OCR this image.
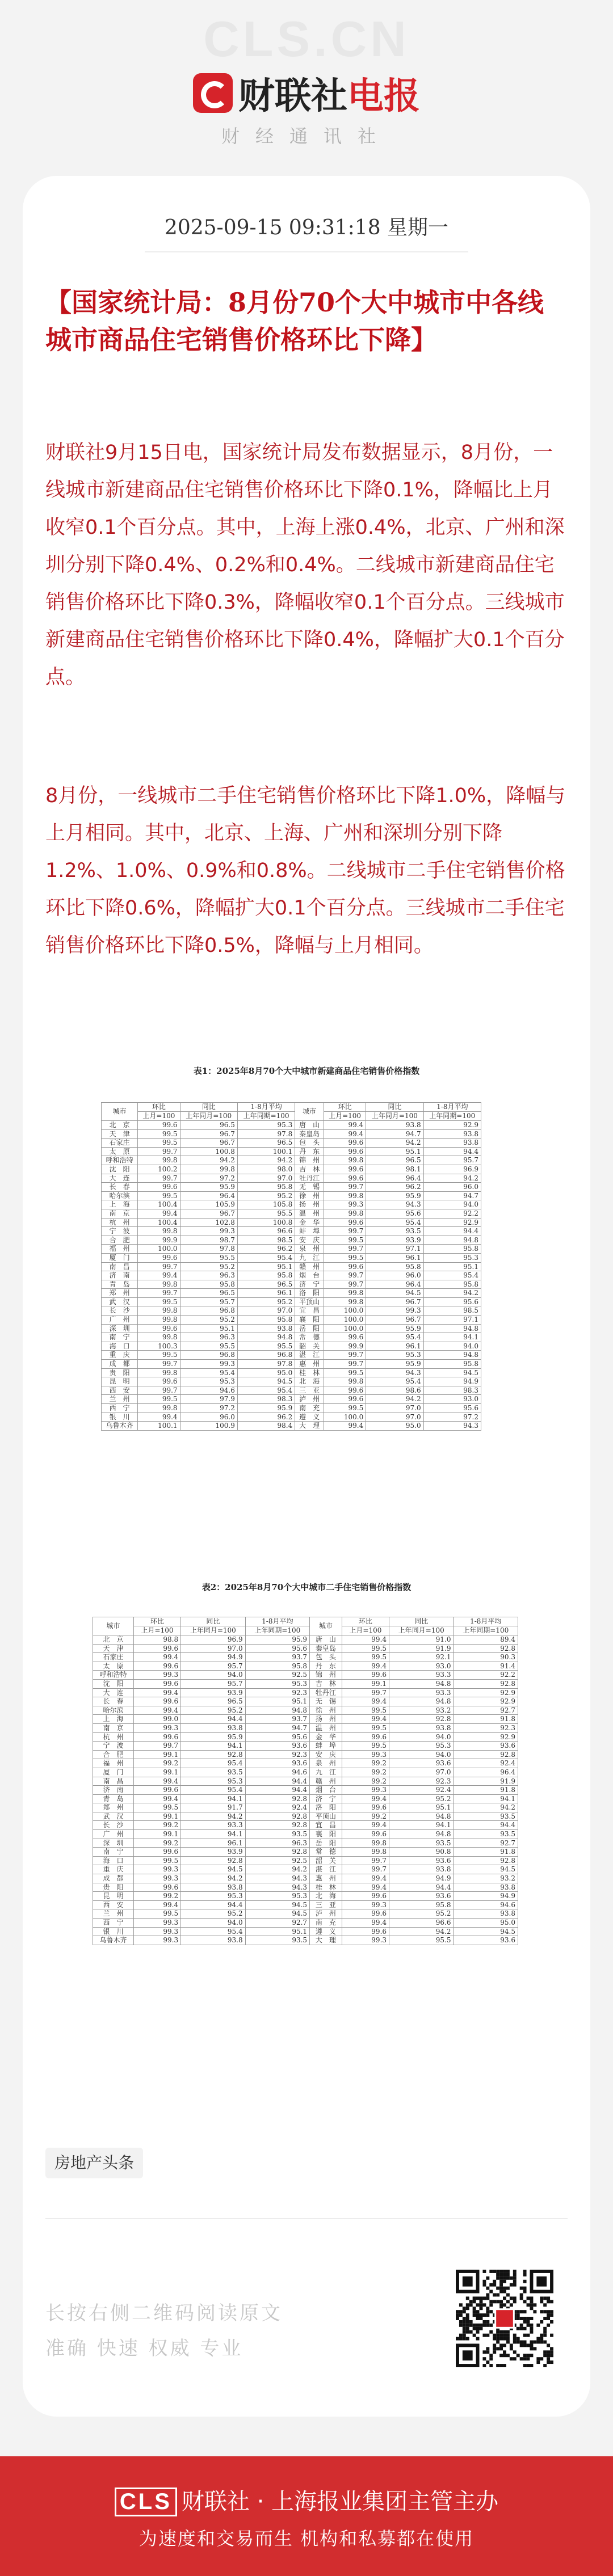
CLS.CN
财联社电报
财经通讯社
2025-09-15 09:31:18 星期一
【国家统计局：8月份70个大中城市中各线城市商品住宅销售价格环比下降】
财联社9月15日电，国家统计局发布数据显示，8月份，一线城市新建商品住宅销售价格环比下降0.1%，降幅比上月收窄0.1个百分点。其中，上海上涨0.4%，北京、广州和深圳分别下降0.4%、0.2%和0.4%。二线城市新建商品住宅销售价格环比下降0.3%，降幅收窄0.1个百分点。三线城市新建商品住宅销售价格环比下降0.4%，降幅扩大0.1个百分点。
8月份，一线城市二手住宅销售价格环比下降1.0%，降幅与上月相同。其中，北京、上海、广州和深圳分别下降1.2%、1.0%、0.9%和0.8%。二线城市二手住宅销售价格环比下降0.6%，降幅扩大0.1个百分点。三线城市二手住宅销售价格环比下降0.5%，降幅与上月相同。
表1：2025年8月70个大中城市新建商品住宅销售价格指数
城市	环比	同比	1-8月平均	城市	环比	同比	1-8月平均
	上月=100	上年同月=100	上年同期=100		上月=100	上年同月=100	上年同期=100
北　京	99.6	96.5	95.3	唐　山	99.4	93.8	92.9
天　津	99.5	96.7	97.8	秦皇岛	99.4	94.7	93.8
石家庄	99.5	96.7	96.5	包　头	99.6	94.2	93.8
太　原	99.7	100.8	100.1	丹　东	99.6	95.1	94.4
呼和浩特	99.8	94.2	94.2	锦　州	99.8	96.5	95.7
沈　阳	100.2	99.8	98.0	吉　林	99.6	98.1	96.9
大　连	99.7	97.2	97.0	牡丹江	99.6	96.4	94.2
长　春	99.6	95.9	95.8	无　锡	99.7	96.2	96.0
哈尔滨	99.5	96.4	95.2	徐　州	99.8	95.9	94.7
上　海	100.4	105.9	105.8	扬　州	99.3	94.3	94.0
南　京	99.4	96.7	95.5	温　州	99.8	95.6	92.2
杭　州	100.4	102.8	100.8	金　华	99.6	95.4	92.9
宁　波	99.8	99.3	96.6	蚌　埠	99.7	93.5	94.4
合　肥	99.9	98.7	98.5	安　庆	99.5	93.9	94.8
福　州	100.0	97.8	96.2	泉　州	99.7	97.1	95.8
厦　门	99.6	95.5	95.4	九　江	99.5	96.1	95.3
南　昌	99.7	95.2	95.1	赣　州	99.6	95.8	95.1
济　南	99.4	96.3	95.8	烟　台	99.7	96.0	95.4
青　岛	99.8	95.8	96.5	济　宁	99.7	96.4	95.8
郑　州	99.7	96.5	96.1	洛　阳	99.8	94.5	94.2
武　汉	99.5	95.7	95.2	平顶山	99.8	96.7	95.6
长　沙	99.8	96.8	97.0	宜　昌	100.0	99.3	98.5
广　州	99.8	95.2	95.8	襄　阳	100.0	96.7	97.1
深　圳	99.6	95.1	93.8	岳　阳	100.0	95.9	94.8
南　宁	99.8	96.3	94.8	常　德	99.6	95.4	94.1
海　口	100.3	95.5	95.5	韶　关	99.9	96.1	94.0
重　庆	99.5	96.8	96.8	湛　江	99.7	95.3	94.8
成　都	99.7	99.3	97.8	惠　州	99.7	95.9	95.8
贵　阳	99.8	95.4	95.0	桂　林	99.5	94.3	94.5
昆　明	99.6	95.3	94.5	北　海	99.8	95.4	94.9
西　安	99.7	94.6	95.4	三　亚	99.6	98.6	98.3
兰　州	99.5	97.9	98.3	泸　州	99.6	94.2	93.0
西　宁	99.8	97.2	95.9	南　充	99.5	97.0	95.6
银　川	99.4	96.0	96.2	遵　义	100.0	97.0	97.2
乌鲁木齐	100.1	100.9	98.4	大　理	99.4	95.0	94.3
表2：2025年8月70个大中城市二手住宅销售价格指数
城市	环比	同比	1-8月平均	城市	环比	同比	1-8月平均
	上月=100	上年同月=100	上年同期=100		上月=100	上年同月=100	上年同期=100
北　京	98.8	96.9	95.9	唐　山	99.4	91.0	89.4
天　津	99.6	97.0	95.6	秦皇岛	99.5	91.9	92.8
石家庄	99.4	94.9	93.7	包　头	99.5	92.1	90.3
太　原	99.6	95.7	95.8	丹　东	99.4	93.0	91.4
呼和浩特	99.3	94.0	92.5	锦　州	99.6	93.3	92.2
沈　阳	99.6	95.7	95.3	吉　林	99.1	94.8	92.8
大　连	99.4	93.9	92.3	牡丹江	99.7	93.3	92.9
长　春	99.6	96.5	95.1	无　锡	99.4	94.8	92.9
哈尔滨	99.4	95.2	94.8	徐　州	99.5	93.2	92.7
上　海	99.0	94.4	93.7	扬　州	99.4	92.8	91.8
南　京	99.3	93.8	94.7	温　州	99.5	93.8	92.3
杭　州	99.6	95.9	95.6	金　华	99.6	94.0	92.9
宁　波	99.7	94.1	93.6	蚌　埠	99.5	95.3	93.6
合　肥	99.1	92.8	92.3	安　庆	99.3	94.0	92.8
福　州	99.2	95.4	93.6	泉　州	99.2	93.6	92.4
厦　门	99.1	93.5	94.6	九　江	99.2	97.0	96.4
南　昌	99.4	95.3	94.4	赣　州	99.2	92.3	91.9
济　南	99.6	95.4	94.4	烟　台	99.3	92.4	91.8
青　岛	99.4	94.1	92.8	济　宁	99.4	95.2	94.1
郑　州	99.5	91.7	92.4	洛　阳	99.6	95.1	94.2
武　汉	99.1	94.2	92.8	平顶山	99.2	94.8	93.5
长　沙	99.2	93.3	92.8	宜　昌	99.4	94.1	94.4
广　州	99.1	94.1	93.5	襄　阳	99.6	94.8	93.5
深　圳	99.2	96.1	96.3	岳　阳	99.8	93.5	92.7
南　宁	99.6	93.9	92.8	常　德	99.8	90.8	91.8
海　口	99.5	92.8	92.5	韶　关	99.7	93.6	92.8
重　庆	99.3	94.5	94.2	湛　江	99.7	93.8	94.5
成　都	99.3	94.2	94.3	惠　州	99.4	94.9	93.2
贵　阳	99.6	93.8	94.3	桂　林	99.4	94.4	93.8
昆　明	99.2	95.3	95.3	北　海	99.6	93.6	94.9
西　安	99.4	94.4	94.5	三　亚	99.3	95.8	94.6
兰　州	99.5	95.2	94.5	泸　州	99.6	95.2	93.8
西　宁	99.3	94.0	92.7	南　充	99.4	96.6	95.0
银　川	99.3	95.4	95.1	遵　义	99.6	94.2	94.5
乌鲁木齐	99.3	93.8	93.5	大　理	99.3	95.5	93.6
房地产头条
长按右侧二维码阅读原文
准确 快速 权威 专业
CLS 财联社 · 上海报业集团主管主办
为速度和交易而生 机构和私募都在使用
